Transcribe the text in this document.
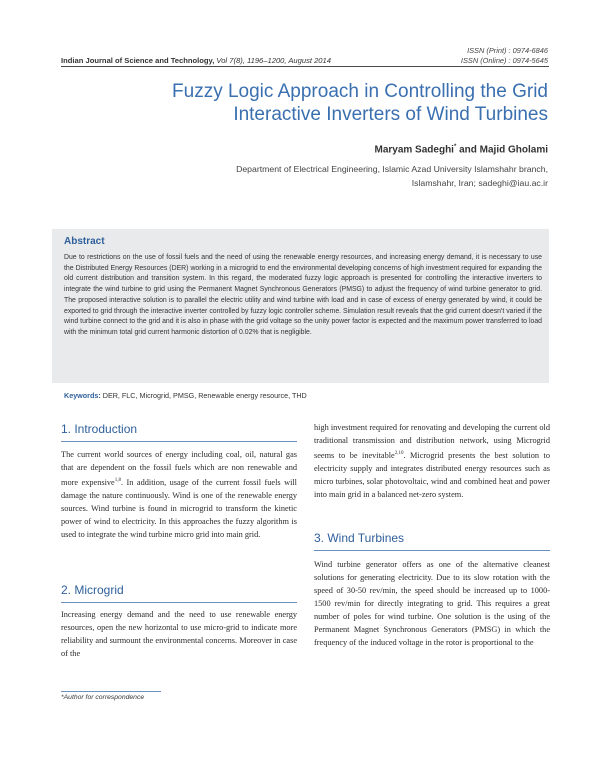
Indian Journal of Science and Technology, Vol 7(8), 1196–1200, August 2014
ISSN (Print) : 0974-6846
ISSN (Online) : 0974-5645
Fuzzy Logic Approach in Controlling the Grid
Interactive Inverters of Wind Turbines
Maryam Sadeghi* and Majid Gholami
Department of Electrical Engineering, Islamic Azad University Islamshahr branch,
Islamshahr, Iran; sadeghi@iau.ac.ir
Abstract
Due to restrictions on the use of fossil fuels and the need of using the renewable energy resources, and increasing energy demand, it is necessary to use the Distributed Energy Resources (DER) working in a microgrid to end the environmental developing concerns of high investment required for expanding the old current distribution and transition system. In this regard, the moderated fuzzy logic approach is presented for controlling the interactive inverters to integrate the wind turbine to grid using the Permanent Magnet Synchronous Generators (PMSG) to adjust the frequency of wind turbine generator to grid. The proposed interactive solution is to parallel the electric utility and wind turbine with load and in case of excess of energy generated by wind, it could be exported to grid through the interactive inverter controlled by fuzzy logic controller scheme. Simulation result reveals that the grid current doesn't varied if the wind turbine connect to the grid and it is also in phase with the grid voltage so the unity power factor is expected and the maximum power transferred to load with the minimum total grid current harmonic distortion of 0.02% that is negligible.
Keywords: DER, FLC, Microgrid, PMSG, Renewable energy resource, THD
1. Introduction
The current world sources of energy including coal, oil, natural gas that are dependent on the fossil fuels which are non renewable and more expensive$^{1,8}$. In addition, usage of the current fossil fuels will damage the nature continuously. Wind is one of the renewable energy sources. Wind turbine is found in microgrid to transform the kinetic power of wind to electricity. In this approaches the fuzzy algorithm is used to integrate the wind turbine micro grid into main grid.
2. Microgrid
Increasing energy demand and the need to use renewable energy resources, open the new horizontal to use micro-grid to indicate more reliability and surmount the environmental concerns. Moreover in case of the
high investment required for renovating and developing the current old traditional transmission and distribution network, using Microgrid seems to be inevitable$^{2,10}$. Microgrid presents the best solution to electricity supply and integrates distributed energy resources such as micro turbines, solar photovoltaic, wind and combined heat and power into main grid in a balanced net-zero system.
3. Wind Turbines
Wind turbine generator offers as one of the alternative cleanest solutions for generating electricity. Due to its slow rotation with the speed of 30-50 rev/min, the speed should be increased up to 1000-1500 rev/min for directly integrating to grid. This requires a great number of poles for wind turbine. One solution is the using of the Permanent Magnet Synchronous Generators (PMSG) in which the frequency of the induced voltage in the rotor is proportional to the
*Author for correspondence
